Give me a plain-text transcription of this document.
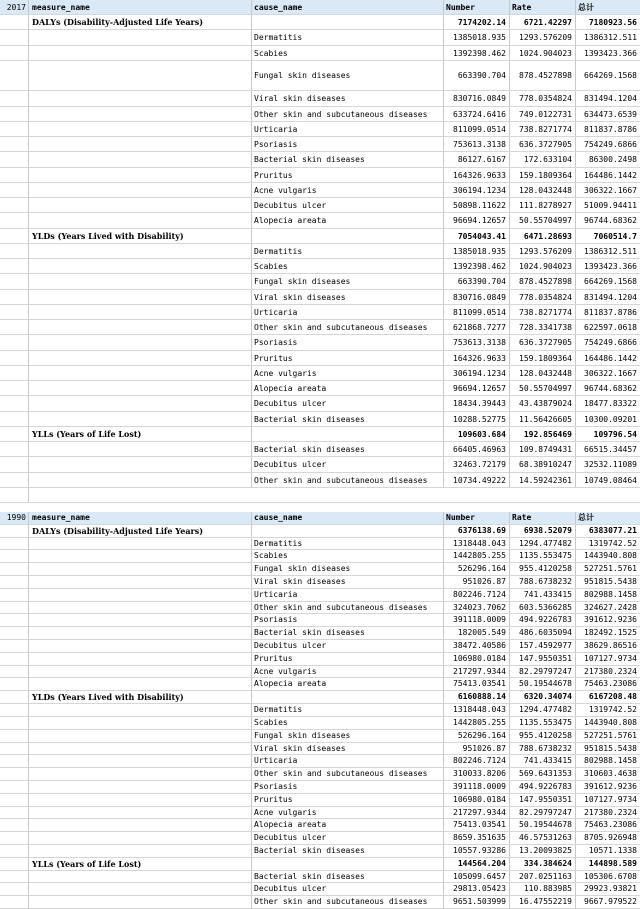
2017 measure_name	cause_name	Number	Rate	总计
DALYs (Disability-Adjusted Life Years)	7174202.14	6721.42297	7180923.56
Dermatitis	1385018.935	1293.576209	1386312.511
Scabies	1392398.462	1024.904023	1393423.366
Fungal skin diseases	663390.704	878.4527898	664269.1568
Viral skin diseases	830716.0849	778.0354824	831494.1204
Other skin and subcutaneous diseases	633724.6416	749.0122731	634473.6539
Urticaria	811099.0514	738.8271774	811837.8786
Psoriasis	753613.3138	636.3727905	754249.6866
Bacterial skin diseases	86127.6167	172.633104	86300.2498
Pruritus	164326.9633	159.1809364	164486.1442
Acne vulgaris	306194.1234	128.0432448	306322.1667
Decubitus ulcer	50898.11622	111.8278927	51009.94411
Alopecia areata	96694.12657	50.55704997	96744.68362
YLDs (Years Lived with Disability)	7054043.41	6471.28693	7060514.7
Dermatitis	1385018.935	1293.576209	1386312.511
Scabies	1392398.462	1024.904023	1393423.366
Fungal skin diseases	663390.704	878.4527898	664269.1568
Viral skin diseases	830716.0849	778.0354824	831494.1204
Urticaria	811099.0514	738.8271774	811837.8786
Other skin and subcutaneous diseases	621868.7277	728.3341738	622597.0618
Psoriasis	753613.3138	636.3727905	754249.6866
Pruritus	164326.9633	159.1809364	164486.1442
Acne vulgaris	306194.1234	128.0432448	306322.1667
Alopecia areata	96694.12657	50.55704997	96744.68362
Decubitus ulcer	18434.39443	43.43879024	18477.83322
Bacterial skin diseases	10288.52775	11.56426605	10300.09201
YLLs (Years of Life Lost)	109603.684	192.856469	109796.54
Bacterial skin diseases	66405.46963	109.8749431	66515.34457
Decubitus ulcer	32463.72179	68.38910247	32532.11089
Other skin and subcutaneous diseases	10734.49222	14.59242361	10749.08464
1990 measure_name	cause_name	Number	Rate	总计
DALYs (Disability-Adjusted Life Years)	6376138.69	6938.52079	6383077.21
Dermatitis	1318448.043	1294.477482	1319742.52
Scabies	1442805.255	1135.553475	1443940.808
Fungal skin diseases	526296.164	955.4120258	527251.5761
Viral skin diseases	951026.87	788.6738232	951815.5438
Urticaria	802246.7124	741.433415	802988.1458
Other skin and subcutaneous diseases	324023.7062	603.5366285	324627.2428
Psoriasis	391118.0009	494.9226783	391612.9236
Bacterial skin diseases	182005.549	486.6035094	182492.1525
Decubitus ulcer	38472.40586	157.4592977	38629.86516
Pruritus	106980.0184	147.9550351	107127.9734
Acne vulgaris	217297.9344	82.29797247	217380.2324
Alopecia areata	75413.03541	50.19544678	75463.23086
YLDs (Years Lived with Disability)	6160888.14	6320.34074	6167208.48
Dermatitis	1318448.043	1294.477482	1319742.52
Scabies	1442805.255	1135.553475	1443940.808
Fungal skin diseases	526296.164	955.4120258	527251.5761
Viral skin diseases	951026.87	788.6738232	951815.5438
Urticaria	802246.7124	741.433415	802988.1458
Other skin and subcutaneous diseases	310033.8206	569.6431353	310603.4638
Psoriasis	391118.0009	494.9226783	391612.9236
Pruritus	106980.0184	147.9550351	107127.9734
Acne vulgaris	217297.9344	82.29797247	217380.2324
Alopecia areata	75413.03541	50.19544678	75463.23086
Decubitus ulcer	8659.351635	46.57531263	8705.926948
Bacterial skin diseases	10557.93286	13.20093825	10571.1338
YLLs (Years of Life Lost)	144564.204	334.384624	144898.589
Bacterial skin diseases	105099.6457	207.0251163	105306.6708
Decubitus ulcer	29813.05423	110.883985	29923.93821
Other skin and subcutaneous diseases	9651.503999	16.47552219	9667.979522
